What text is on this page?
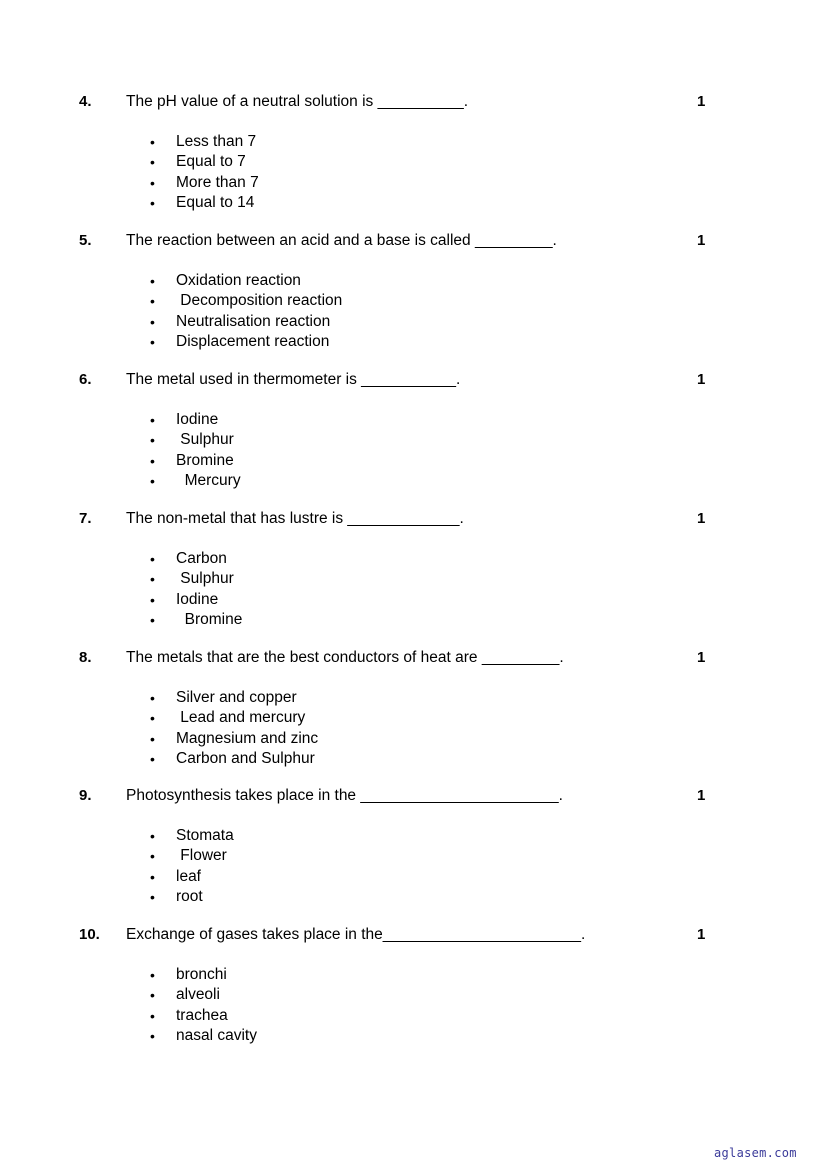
4. The pH value of a neutral solution is __________.	1
• Less than 7
• Equal to 7
• More than 7
• Equal to 14
5. The reaction between an acid and a base is called _________.	1
• Oxidation reaction
• Decomposition reaction
• Neutralisation reaction
• Displacement reaction
6. The metal used in thermometer is ___________.	1
• Iodine
• Sulphur
• Bromine
• Mercury
7. The non-metal that has lustre is _____________.	1
• Carbon
• Sulphur
• Iodine
• Bromine
8. The metals that are the best conductors of heat are _________.	1
• Silver and copper
• Lead and mercury
• Magnesium and zinc
• Carbon and Sulphur
9. Photosynthesis takes place in the _______________________.	1
• Stomata
• Flower
• leaf
• root
10. Exchange of gases takes place in the_______________________.	1
• bronchi
• alveoli
• trachea
• nasal cavity
aglasem.com
